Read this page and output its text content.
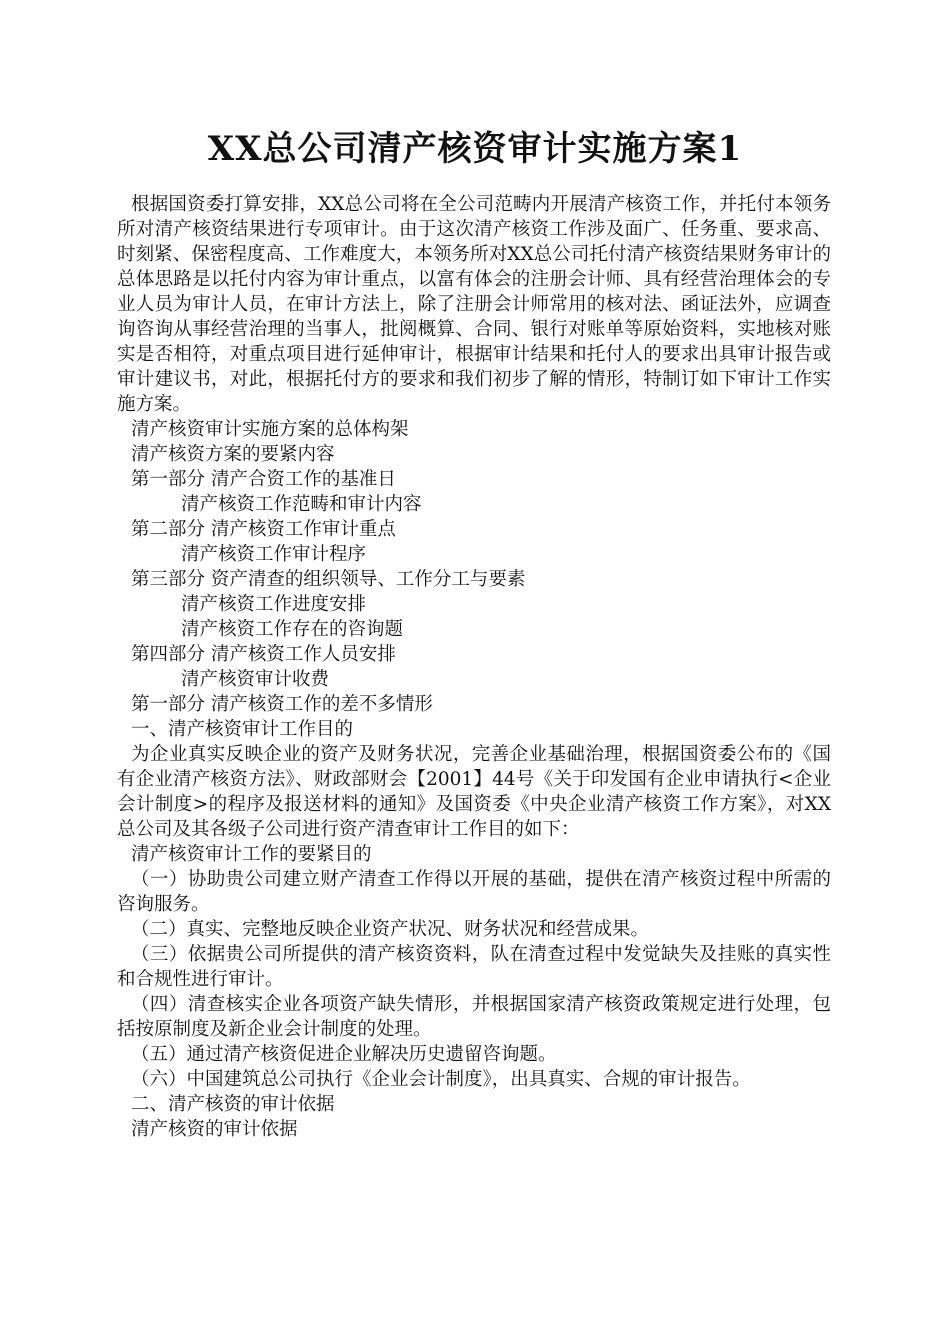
XX总公司清产核资审计实施方案1

根据国资委打算安排，XX总公司将在全公司范畴内开展清产核资工作，并托付本领务所对清产核资结果进行专项审计。由于这次清产核资工作涉及面广、任务重、要求高、时刻紧、保密程度高、工作难度大，本领务所对XX总公司托付清产核资结果财务审计的总体思路是以托付内容为审计重点，以富有体会的注册会计师、具有经营治理体会的专业人员为审计人员，在审计方法上，除了注册会计师常用的核对法、函证法外，应调查询咨询从事经营治理的当事人，批阅概算、合同、银行对账单等原始资料，实地核对账实是否相符，对重点项目进行延伸审计，根据审计结果和托付人的要求出具审计报告或审计建议书，对此，根据托付方的要求和我们初步了解的情形，特制订如下审计工作实施方案。

清产核资审计实施方案的总体构架

清产核资方案的要紧内容

第一部分 清产合资工作的基准日

清产核资工作范畴和审计内容

第二部分 清产核资工作审计重点

清产核资工作审计程序

第三部分 资产清查的组织领导、工作分工与要素

清产核资工作进度安排

清产核资工作存在的咨询题

第四部分 清产核资工作人员安排

清产核资审计收费

第一部分 清产核资工作的差不多情形

一、清产核资审计工作目的

为企业真实反映企业的资产及财务状况，完善企业基础治理，根据国资委公布的《国有企业清产核资方法》、财政部财会【2001】44号《关于印发国有企业申请执行<企业会计制度>的程序及报送材料的通知》及国资委《中央企业清产核资工作方案》，对XX总公司及其各级子公司进行资产清查审计工作目的如下：

清产核资审计工作的要紧目的

（一）协助贵公司建立财产清查工作得以开展的基础，提供在清产核资过程中所需的咨询服务。

（二）真实、完整地反映企业资产状况、财务状况和经营成果。

（三）依据贵公司所提供的清产核资资料，队在清查过程中发觉缺失及挂账的真实性和合规性进行审计。

（四）清查核实企业各项资产缺失情形，并根据国家清产核资政策规定进行处理，包括按原制度及新企业会计制度的处理。

（五）通过清产核资促进企业解决历史遗留咨询题。

（六）中国建筑总公司执行《企业会计制度》，出具真实、合规的审计报告。

二、清产核资的审计依据

清产核资的审计依据
